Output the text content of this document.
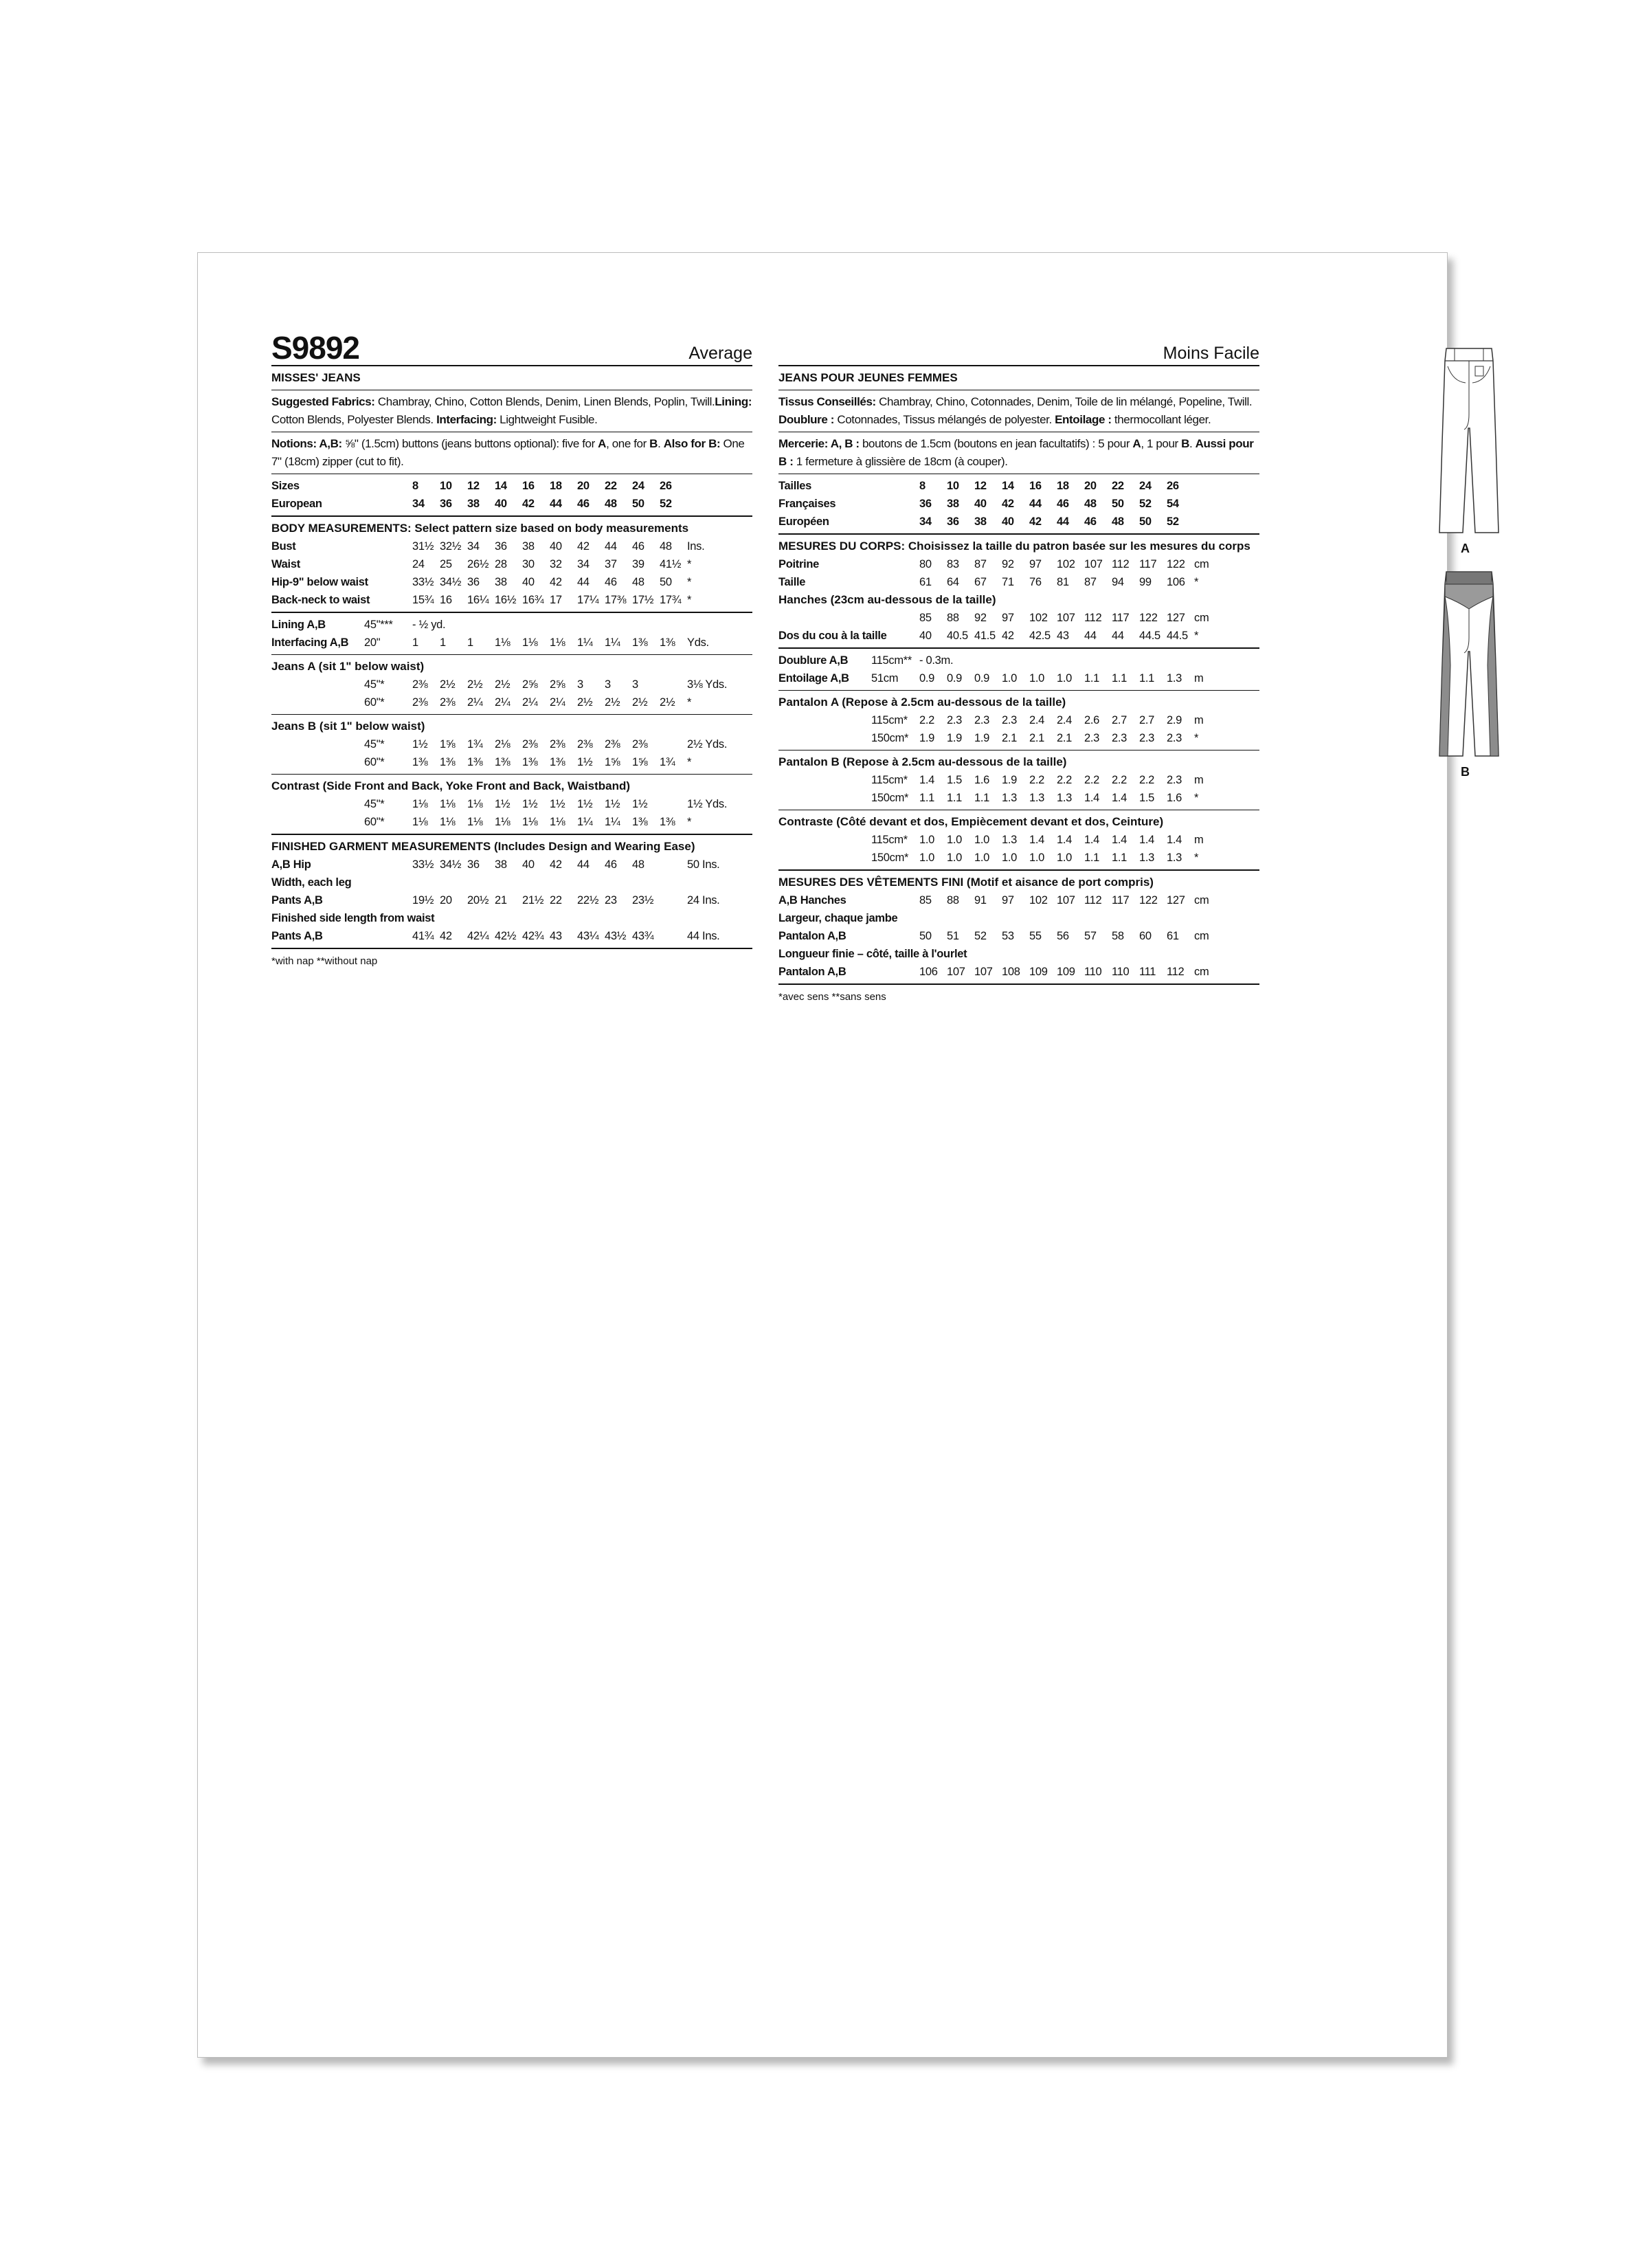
S9892	Average
MISSES' JEANS

Suggested Fabrics: Chambray, Chino, Cotton Blends, Denim, Linen Blends, Poplin, Twill.Lining: Cotton Blends, Polyester Blends. Interfacing: Lightweight Fusible.

Notions: A,B: ⅝" (1.5cm) buttons (jeans buttons optional): five for A, one for B. Also for B: One 7" (18cm) zipper (cut to fit).

Sizes	8	10	12	14	16	18	20	22	24	26	
European	34	36	38	40	42	44	46	48	50	52	
BODY MEASUREMENTS: Select pattern size based on body measurements
Bust	31½	32½	34	36	38	40	42	44	46	48	Ins.
Waist	24	25	26½	28	30	32	34	37	39	41½	*
Hip-9" below waist	33½	34½	36	38	40	42	44	46	48	50	*
Back-neck to waist	15¾	16	16¼	16½	16¾	17	17¼	17⅜	17½	17¾	*
Lining A,B	45"***	- ½ yd.										
Interfacing A,B	20"	1	1	1	1⅛	1⅛	1⅛	1¼	1¼	1⅜	1⅜	Yds.
Jeans A (sit 1" below waist)
	45"*	2⅜	2½	2½	2½	2⅝	2⅝	3	3	3		3⅛ Yds.
	60"*	2⅜	2⅜	2¼	2¼	2¼	2¼	2½	2½	2½	2½	*
Jeans B (sit 1" below waist)
	45"*	1½	1⅝	1¾	2⅛	2⅜	2⅜	2⅜	2⅜	2⅜		2½ Yds.
	60"*	1⅜	1⅜	1⅜	1⅜	1⅜	1⅜	1½	1⅝	1⅝	1¾	*
Contrast (Side Front and Back, Yoke Front and Back, Waistband)
	45"*	1⅛	1⅛	1⅛	1½	1½	1½	1½	1½	1½		1½ Yds.
	60"*	1⅛	1⅛	1⅛	1⅛	1⅛	1⅛	1¼	1¼	1⅜	1⅜	*
FINISHED GARMENT MEASUREMENTS (Includes Design and Wearing Ease)
A,B Hip	33½	34½	36	38	40	42	44	46	48		50 Ins.
Width, each leg											
Pants A,B	19½	20	20½	21	21½	22	22½	23	23½		24 Ins.
Finished side length from waist											
Pants A,B	41¾	42	42¼	42½	42¾	43	43¼	43½	43¾		44 Ins.
*with nap **without nap
Moins Facile
JEANS POUR JEUNES FEMMES

Tissus Conseillés: Chambray, Chino, Cotonnades, Denim, Toile de lin mélangé, Popeline, Twill. Doublure : Cotonnades, Tissus mélangés de polyester. Entoilage : thermocollant léger.

Mercerie: A, B : boutons de 1.5cm (boutons en jean facultatifs) : 5 pour A, 1 pour B. Aussi pour B : 1 fermeture à glissière de 18cm (à couper).

Tailles	8	10	12	14	16	18	20	22	24	26	
Françaises	36	38	40	42	44	46	48	50	52	54	
Européen	34	36	38	40	42	44	46	48	50	52	
MESURES DU CORPS: Choisissez la taille du patron basée sur les mesures du corps
Poitrine	80	83	87	92	97	102	107	112	117	122	cm
Taille	61	64	67	71	76	81	87	94	99	106	*
Hanches (23cm au-dessous de la taille)
	85	88	92	97	102	107	112	117	122	127	cm
Dos du cou à la taille	40	40.5	41.5	42	42.5	43	44	44	44.5	44.5	*
Doublure A,B	115cm**	- 0.3m.										
Entoilage A,B	51cm	0.9	0.9	0.9	1.0	1.0	1.0	1.1	1.1	1.1	1.3	m
Pantalon A (Repose à 2.5cm au-dessous de la taille)
	115cm*	2.2	2.3	2.3	2.3	2.4	2.4	2.6	2.7	2.7	2.9	m
	150cm*	1.9	1.9	1.9	2.1	2.1	2.1	2.3	2.3	2.3	2.3	*
Pantalon B (Repose à 2.5cm au-dessous de la taille)
	115cm*	1.4	1.5	1.6	1.9	2.2	2.2	2.2	2.2	2.2	2.3	m
	150cm*	1.1	1.1	1.1	1.3	1.3	1.3	1.4	1.4	1.5	1.6	*
Contraste (Côté devant et dos, Empiècement devant et dos, Ceinture)
	115cm*	1.0	1.0	1.0	1.3	1.4	1.4	1.4	1.4	1.4	1.4	m
	150cm*	1.0	1.0	1.0	1.0	1.0	1.0	1.1	1.1	1.3	1.3	*
MESURES DES VÊTEMENTS FINI (Motif et aisance de port compris)
A,B Hanches	85	88	91	97	102	107	112	117	122	127	cm
Largeur, chaque jambe											
Pantalon A,B	50	51	52	53	55	56	57	58	60	61	cm
Longueur finie – côté, taille à l'ourlet											
Pantalon A,B	106	107	107	108	109	109	110	110	111	112	cm
*avec sens **sans sens
A
B
